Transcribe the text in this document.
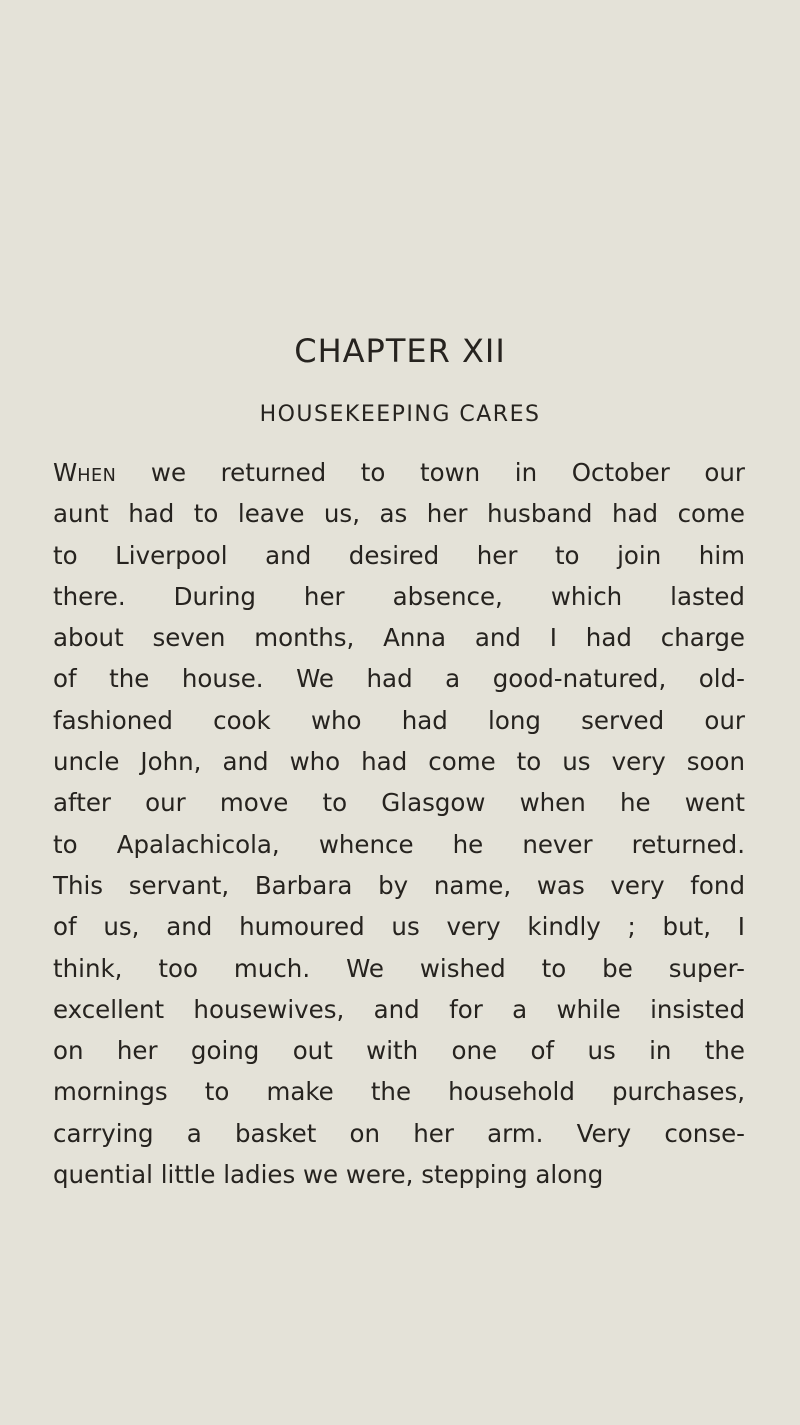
CHAPTER XII
HOUSEKEEPING CARES
WHEN we returned to town in October our
aunt had to leave us, as her husband had come
to Liverpool and desired her to join him
there. During her absence, which lasted
about seven months, Anna and I had charge
of the house. We had a good-natured, old-
fashioned cook who had long served our
uncle John, and who had come to us very soon
after our move to Glasgow when he went
to Apalachicola, whence he never returned.
This servant, Barbara by name, was very fond
of us, and humoured us very kindly ; but, I
think, too much. We wished to be super-
excellent housewives, and for a while insisted
on her going out with one of us in the
mornings to make the household purchases,
carrying a basket on her arm. Very conse-
quential little ladies we were, stepping along
